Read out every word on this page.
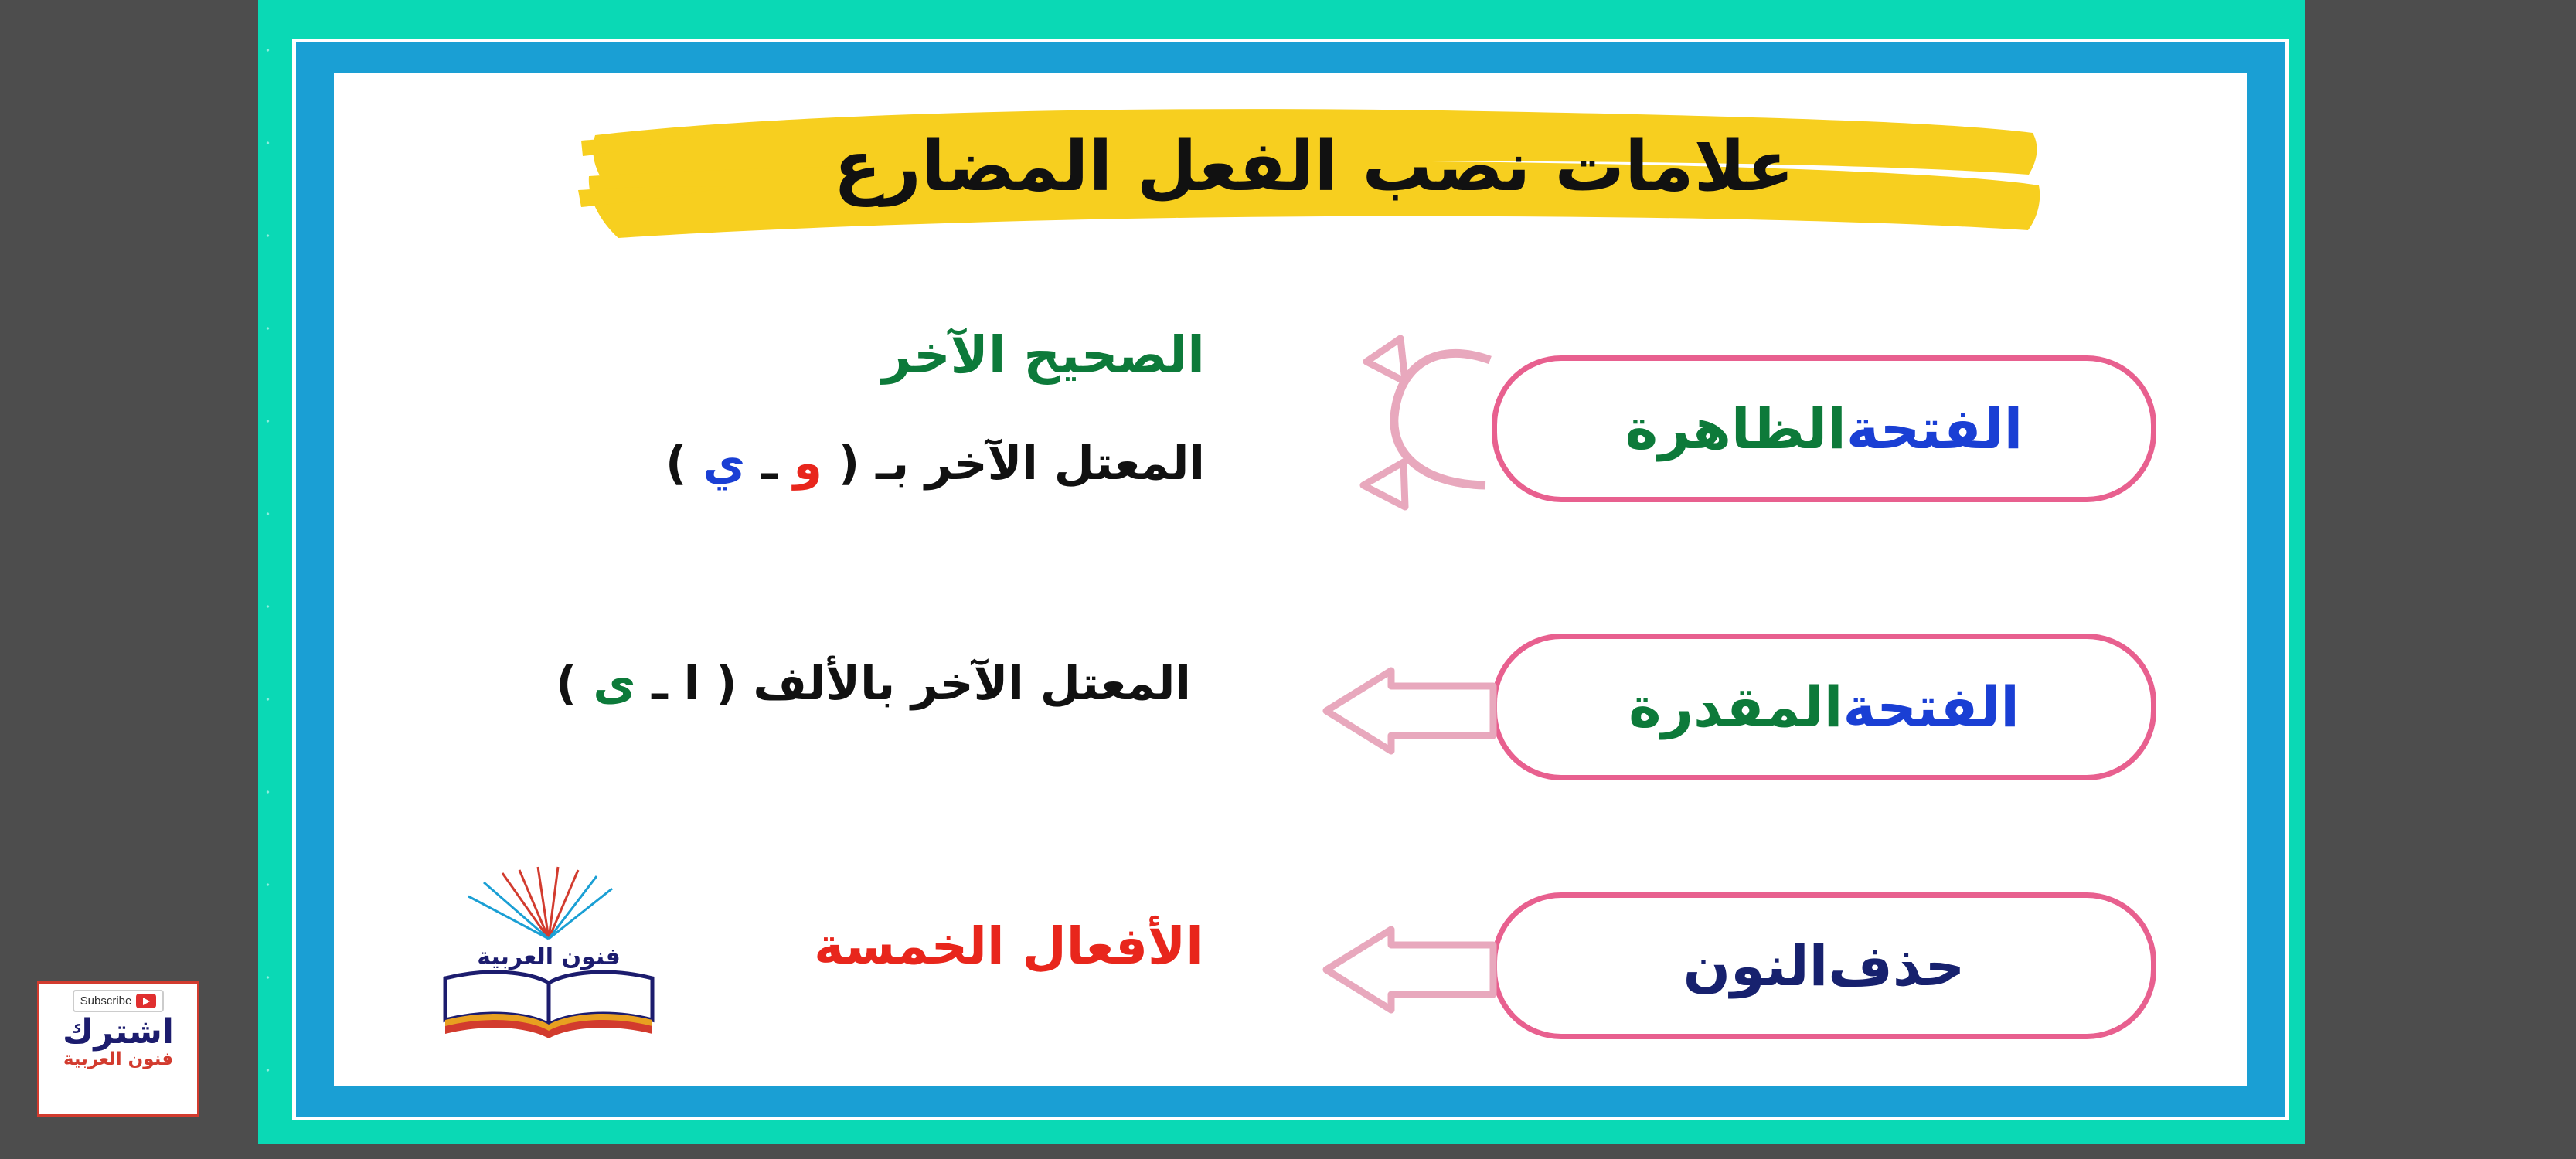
علامات نصب الفعل المضارع
الفتحة
الظاهرة
الصحيح الآخر
المعتل الآخر بـ ( و ـ ي )
الفتحة
المقدرة
المعتل الآخر بالألف ( ا ـ ى )
حذف
النون
الأفعال الخمسة
فنون العربية
Subscribe
اشترك
فنون العربية
